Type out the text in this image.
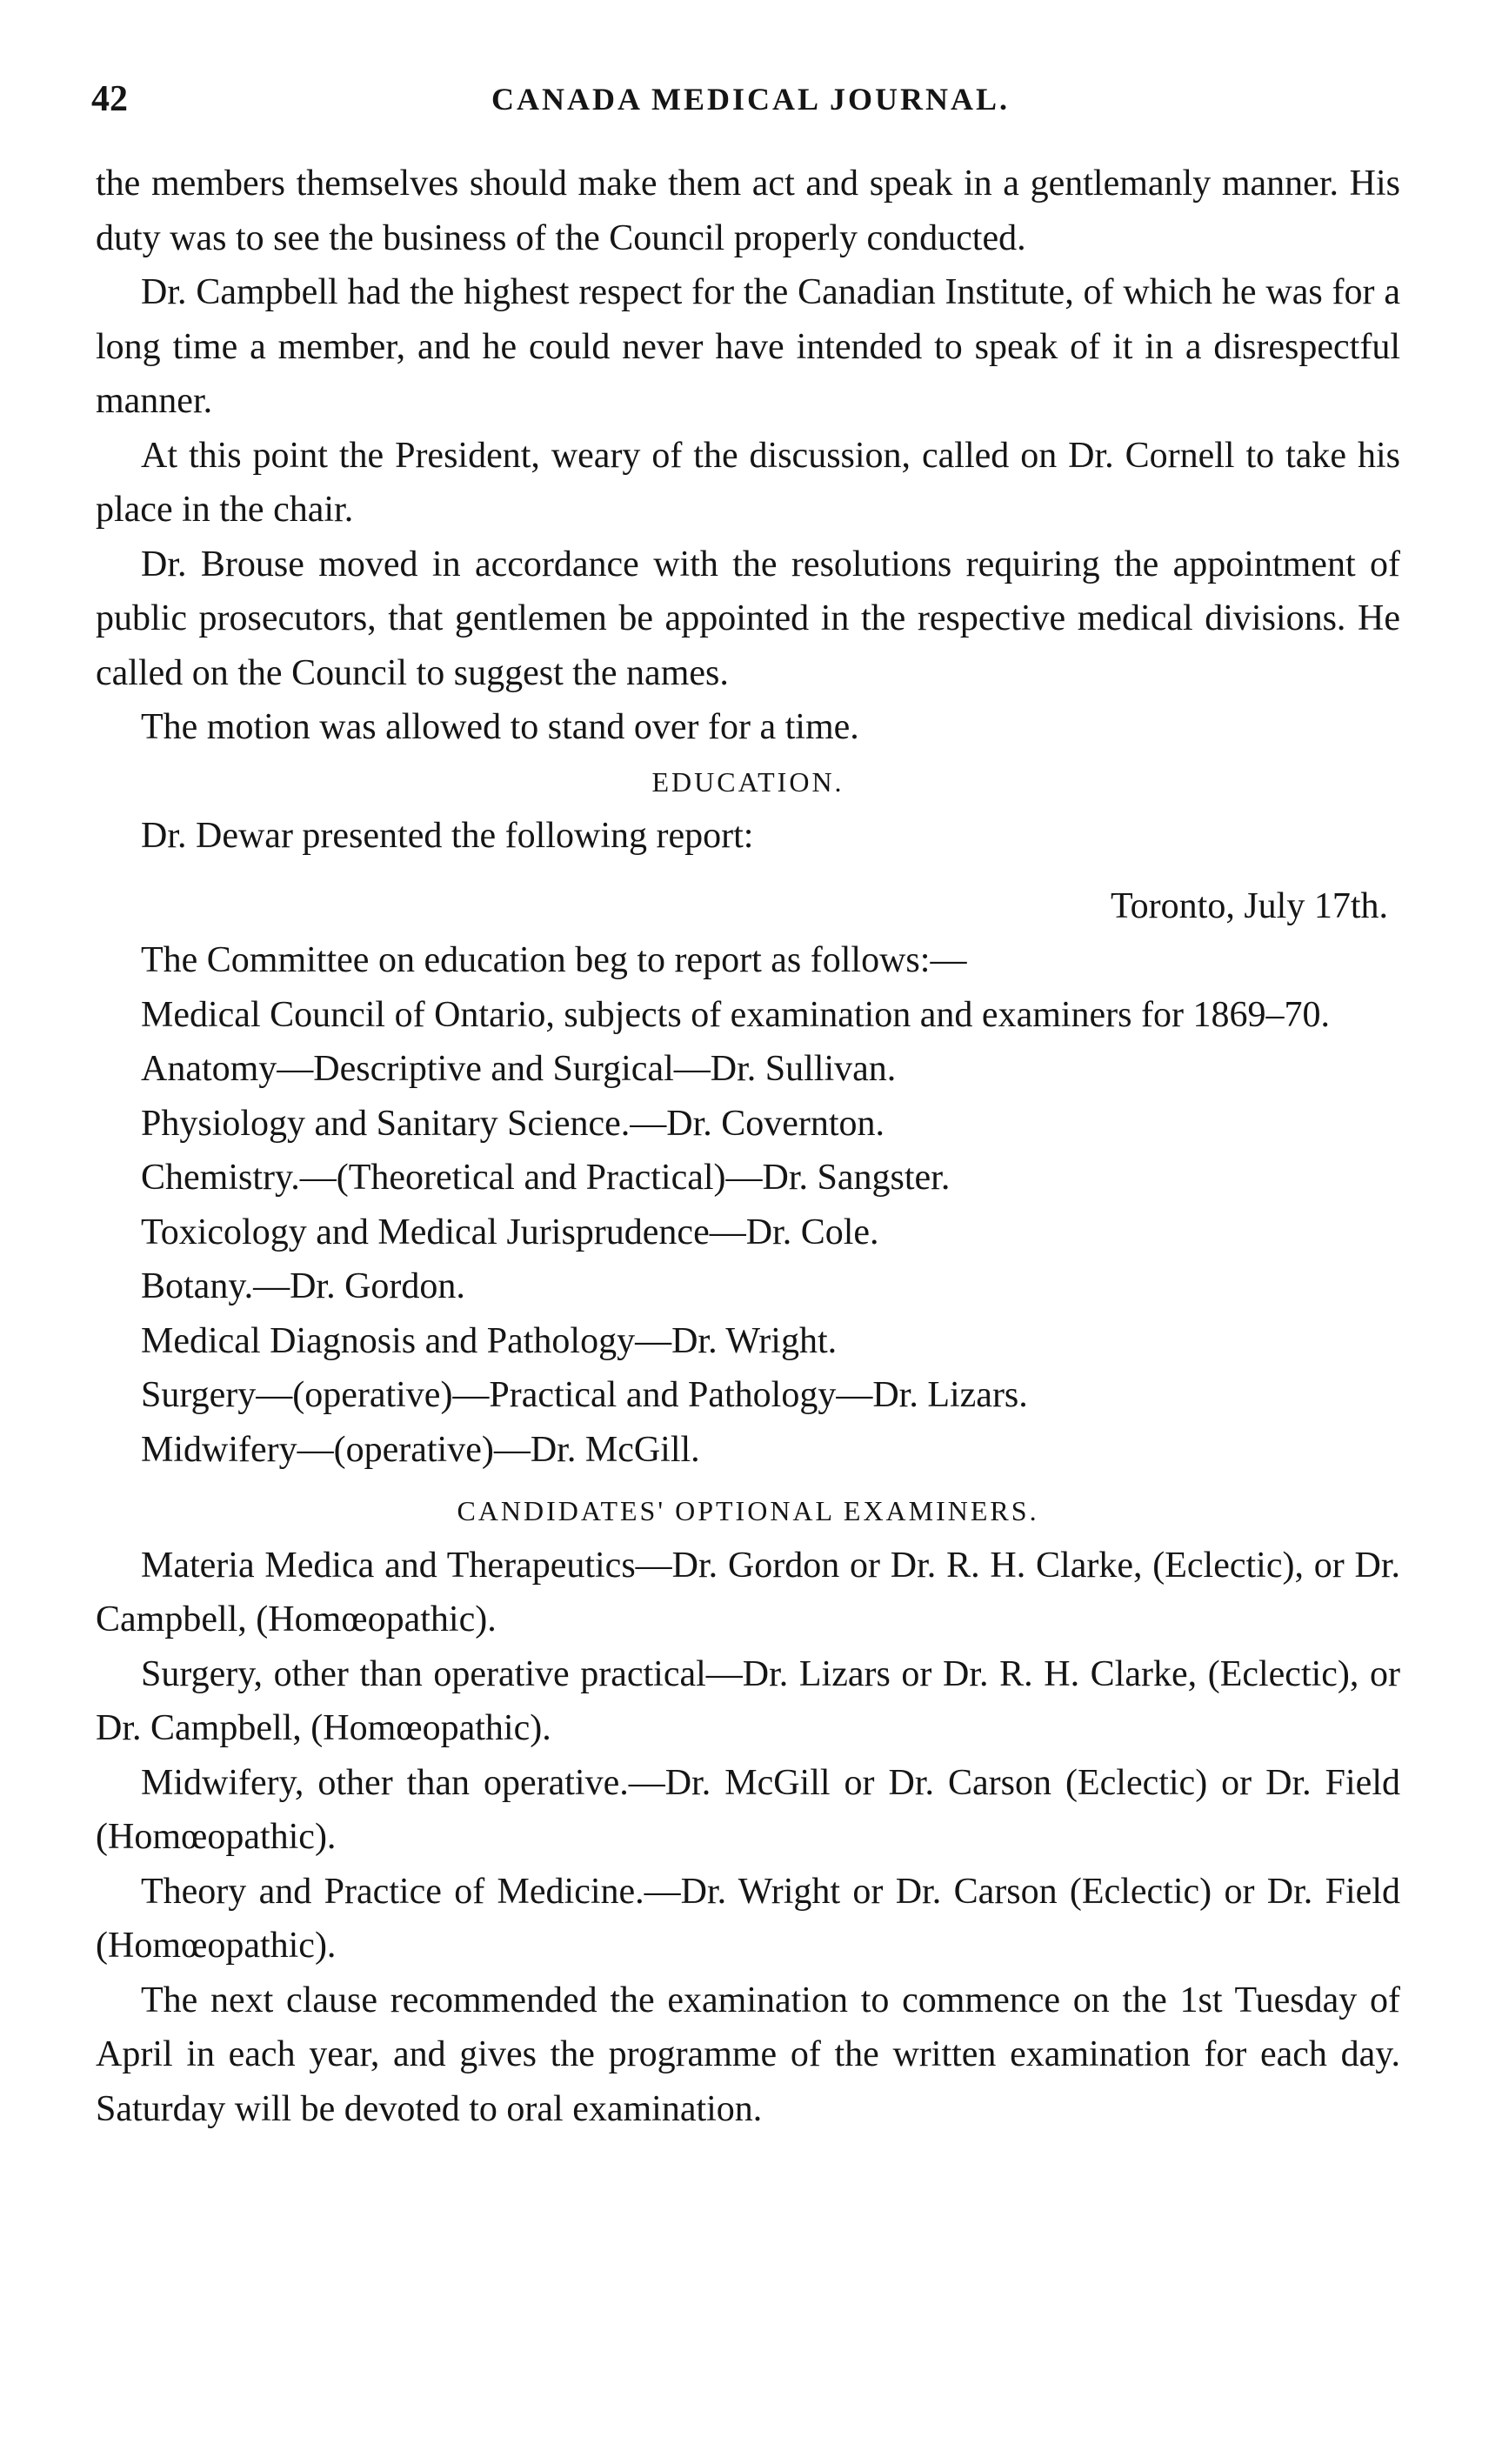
42	CANADA MEDICAL JOURNAL.

the members themselves should make them act and speak in a gentlemanly manner. His duty was to see the business of the Council properly conducted.

Dr. Campbell had the highest respect for the Canadian Institute, of which he was for a long time a member, and he could never have intended to speak of it in a disrespectful manner.

At this point the President, weary of the discussion, called on Dr. Cornell to take his place in the chair.

Dr. Brouse moved in accordance with the resolutions requiring the appointment of public prosecutors, that gentlemen be appointed in the respective medical divisions. He called on the Council to suggest the names.

The motion was allowed to stand over for a time.

EDUCATION.

Dr. Dewar presented the following report:

Toronto, July 17th.

The Committee on education beg to report as follows:—

Medical Council of Ontario, subjects of examination and examiners for 1869–70.

Anatomy—Descriptive and Surgical—Dr. Sullivan.

Physiology and Sanitary Science.—Dr. Covernton.

Chemistry.—(Theoretical and Practical)—Dr. Sangster.

Toxicology and Medical Jurisprudence—Dr. Cole.

Botany.—Dr. Gordon.

Medical Diagnosis and Pathology—Dr. Wright.

Surgery—(operative)—Practical and Pathology—Dr. Lizars.

Midwifery—(operative)—Dr. McGill.

CANDIDATES' OPTIONAL EXAMINERS.

Materia Medica and Therapeutics—Dr. Gordon or Dr. R. H. Clarke, (Eclectic), or Dr. Campbell, (Homœopathic).

Surgery, other than operative practical—Dr. Lizars or Dr. R. H. Clarke, (Eclectic), or Dr. Campbell, (Homœopathic).

Midwifery, other than operative.—Dr. McGill or Dr. Carson (Eclectic) or Dr. Field (Homœopathic).

Theory and Practice of Medicine.—Dr. Wright or Dr. Carson (Eclectic) or Dr. Field (Homœopathic).

The next clause recommended the examination to commence on the 1st Tuesday of April in each year, and gives the programme of the written examination for each day. Saturday will be devoted to oral examination.
